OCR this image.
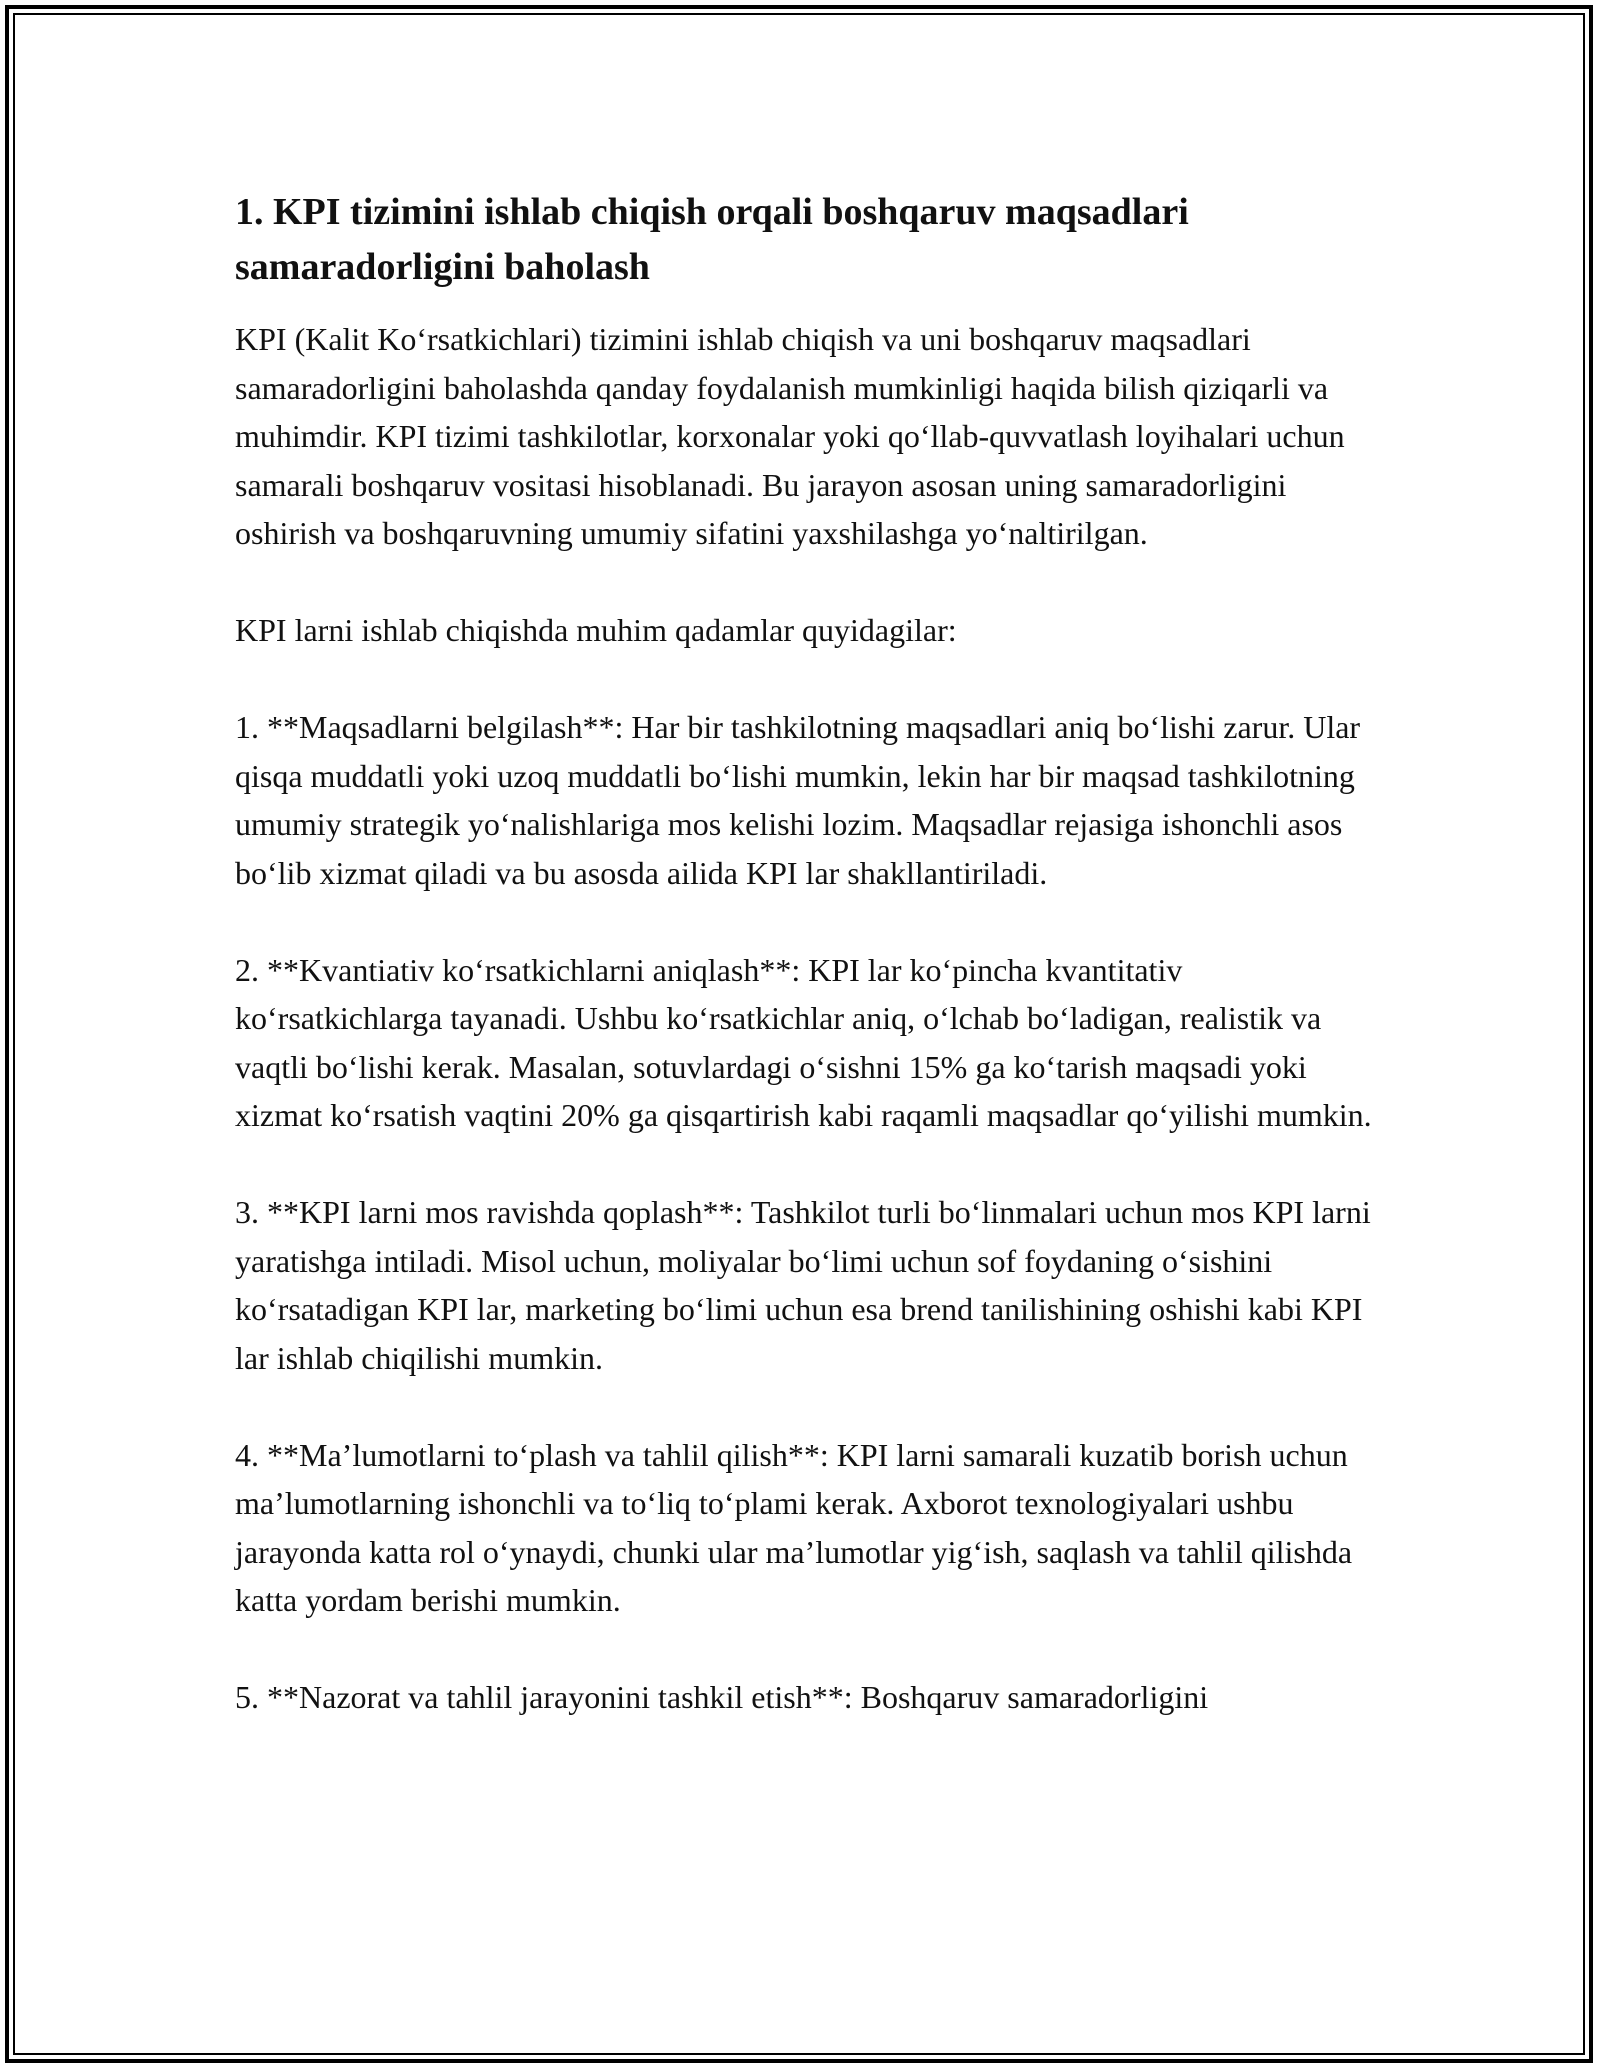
1. KPI tizimini ishlab chiqish orqali boshqaruv maqsadlari samaradorligini baholash

KPI (Kalit Ko‘rsatkichlari) tizimini ishlab chiqish va uni boshqaruv maqsadlari samaradorligini baholashda qanday foydalanish mumkinligi haqida bilish qiziqarli va muhimdir. KPI tizimi tashkilotlar, korxonalar yoki qo‘llab-quvvatlash loyihalari uchun samarali boshqaruv vositasi hisoblanadi. Bu jarayon asosan uning samaradorligini oshirish va boshqaruvning umumiy sifatini yaxshilashga yo‘naltirilgan.

KPI larni ishlab chiqishda muhim qadamlar quyidagilar:

1. **Maqsadlarni belgilash**: Har bir tashkilotning maqsadlari aniq bo‘lishi zarur. Ular qisqa muddatli yoki uzoq muddatli bo‘lishi mumkin, lekin har bir maqsad tashkilotning umumiy strategik yo‘nalishlariga mos kelishi lozim. Maqsadlar rejasiga ishonchli asos bo‘lib xizmat qiladi va bu asosda ailida KPI lar shakllantiriladi.

2. **Kvantiativ ko‘rsatkichlarni aniqlash**: KPI lar ko‘pincha kvantitativ ko‘rsatkichlarga tayanadi. Ushbu ko‘rsatkichlar aniq, o‘lchab bo‘ladigan, realistik va vaqtli bo‘lishi kerak. Masalan, sotuvlardagi o‘sishni 15% ga ko‘tarish maqsadi yoki xizmat ko‘rsatish vaqtini 20% ga qisqartirish kabi raqamli maqsadlar qo‘yilishi mumkin.

3. **KPI larni mos ravishda qoplash**: Tashkilot turli bo‘linmalari uchun mos KPI larni yaratishga intiladi. Misol uchun, moliyalar bo‘limi uchun sof foydaning o‘sishini ko‘rsatadigan KPI lar, marketing bo‘limi uchun esa brend tanilishining oshishi kabi KPI lar ishlab chiqilishi mumkin.

4. **Ma’lumotlarni to‘plash va tahlil qilish**: KPI larni samarali kuzatib borish uchun ma’lumotlarning ishonchli va to‘liq to‘plami kerak. Axborot texnologiyalari ushbu jarayonda katta rol o‘ynaydi, chunki ular ma’lumotlar yig‘ish, saqlash va tahlil qilishda katta yordam berishi mumkin.

5. **Nazorat va tahlil jarayonini tashkil etish**: Boshqaruv samaradorligini
